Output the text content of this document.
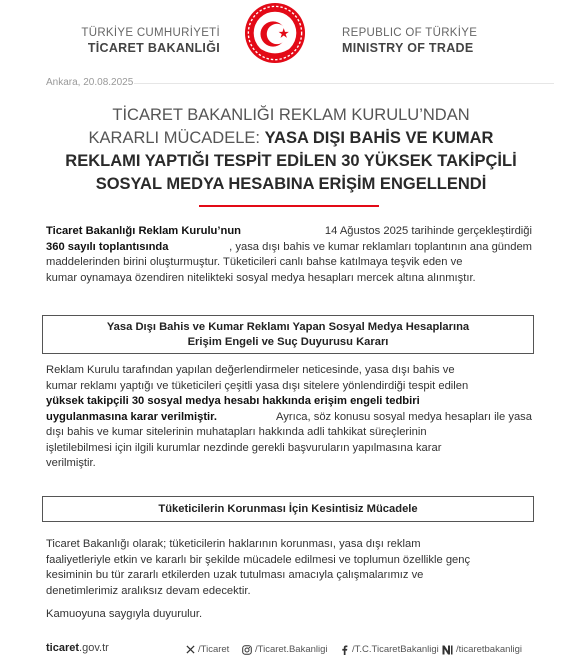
TÜRKİYE CUMHURİYETİ
TİCARET BAKANLIĞI
REPUBLIC OF TÜRKİYE
MINISTRY OF TRADE
Ankara, 20.08.2025
TİCARET BAKANLIĞI REKLAM KURULU’NDAN
KARARLI MÜCADELE: YASA DIŞI BAHİS VE KUMAR
REKLAMI YAPTIĞI TESPİT EDİLEN 30 YÜKSEK TAKİPÇİLİ
SOSYAL MEDYA HESABINA ERİŞİM ENGELLENDİ
Ticaret Bakanlığı Reklam Kurulu’nun	14 Ağustos 2025 tarihinde gerçekleştirdiği
360 sayılı toplantısında	, yasa dışı bahis ve kumar reklamları toplantının ana gündem
maddelerinden birini oluşturmuştur. Tüketicileri canlı bahse katılmaya teşvik eden ve
kumar oynamaya özendiren nitelikteki sosyal medya hesapları mercek altına alınmıştır.
Yasa Dışı Bahis ve Kumar Reklamı Yapan Sosyal Medya Hesaplarına
Erişim Engeli ve Suç Duyurusu Kararı
Reklam Kurulu tarafından yapılan değerlendirmeler neticesinde, yasa dışı bahis ve
kumar reklamı yaptığı ve tüketicileri çeşitli yasa dışı sitelere yönlendirdiği tespit edilen
yüksek takipçili 30 sosyal medya hesabı hakkında erişim engeli tedbiri
uygulanmasına karar verilmiştir.	Ayrıca, söz konusu sosyal medya hesapları ile yasa
dışı bahis ve kumar sitelerinin muhatapları hakkında adli tahkikat süreçlerinin
işletilebilmesi için ilgili kurumlar nezdinde gerekli başvuruların yapılmasına karar
verilmiştir.
Tüketicilerin Korunması İçin Kesintisiz Mücadele
Ticaret Bakanlığı olarak; tüketicilerin haklarının korunması, yasa dışı reklam
faaliyetleriyle etkin ve kararlı bir şekilde mücadele edilmesi ve toplumun özellikle genç
kesiminin bu tür zararlı etkilerden uzak tutulması amacıyla çalışmalarımız ve
denetimlerimiz aralıksız devam edecektir.
Kamuoyuna saygıyla duyurulur.
ticaret.gov.tr	/Ticaret	/Ticaret.Bakanligi	/T.C.TicaretBakanligi /ticaretbakanligi
